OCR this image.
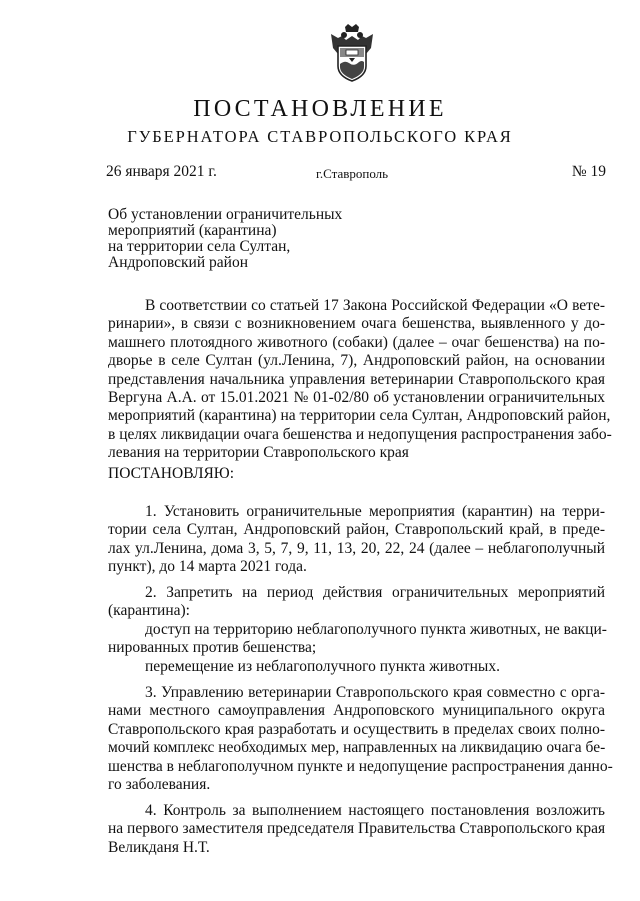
ПОСТАНОВЛЕНИЕ
ГУБЕРНАТОРА СТАВРОПОЛЬСКОГО КРАЯ
26 января 2021 г.	г.Ставрополь	№ 19
Об установлении ограничительных
мероприятий (карантина)
на территории села Султан,
Андроповский район
В соответствии со статьей 17 Закона Российской Федерации «О вете-
ринарии», в связи с возникновением очага бешенства, выявленного у до-
машнего плотоядного животного (собаки) (далее – очаг бешенства) на по-
дворье в селе Султан (ул.Ленина, 7), Андроповский район, на основании
представления начальника управления ветеринарии Ставропольского края
Вергуна А.А. от 15.01.2021 № 01-02/80 об установлении ограничительных
мероприятий (карантина) на территории села Султан, Андроповский район,
в целях ликвидации очага бешенства и недопущения распространения забо-
левания на территории Ставропольского края
ПОСТАНОВЛЯЮ:
1. Установить ограничительные мероприятия (карантин) на терри-
тории села Султан, Андроповский район, Ставропольский край, в преде-
лах ул.Ленина, дома 3, 5, 7, 9, 11, 13, 20, 22, 24 (далее – неблагополучный
пункт), до 14 марта 2021 года.
2. Запретить на период действия ограничительных мероприятий
(карантина):
доступ на территорию неблагополучного пункта животных, не вакци-
нированных против бешенства;
перемещение из неблагополучного пункта животных.
3. Управлению ветеринарии Ставропольского края совместно с орга-
нами местного самоуправления Андроповского муниципального округа
Ставропольского края разработать и осуществить в пределах своих полно-
мочий комплекс необходимых мер, направленных на ликвидацию очага бе-
шенства в неблагополучном пункте и недопущение распространения данно-
го заболевания.
4. Контроль за выполнением настоящего постановления возложить
на первого заместителя председателя Правительства Ставропольского края
Великданя Н.Т.
